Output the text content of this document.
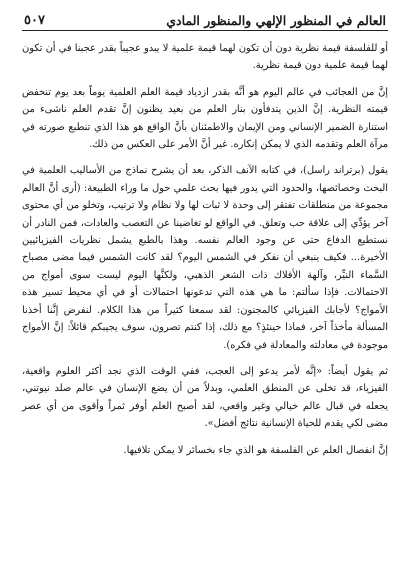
العالم في المنظور الإلهي والمنظور المادي
٥٠٧

أو للفلسفة قيمة نظرية دون أن تكون لهما قيمة علمية لا يبدو عجيباً بقدر عجبنا في أن تكون لهما قيمة علمية دون قيمة نظرية.

إنَّ من العجائب في عالم اليوم هو أنَّه بقدر ازدياد قيمة العلم العلمية يوماً بعد يوم تنخفض قيمته النظرية. إنَّ الذين يتدفأون بنار العلم من بعيد يظنون إنَّ تقدم العلم ناشىء من استنارة الضمير الإنساني ومن الإيمان والاطمئنان بأنَّ الواقع هو هذا الذي تنطبع صورته في مرآة العلم وتقدمه الذي لا يمكن إنكاره. غير أنَّ الأمر على العكس من ذلك.

يقول (برتراند راسل)، في كتابه الآنف الذكر، بعد أن يشرح نماذج من الأساليب العلمية في البحث وخصائصها، والحدود التي يدور فيها بحث علمي حول ما وراء الطبيعة: (أرى أنَّ العالم مجموعة من منطلقات تفتقر إلى وحدة لا ثبات لها ولا نظام ولا ترتيب، وتخلو من أي محتوى آخر يؤدِّي إلى علاقة حب وتعلق. في الواقع لو تغاضينا عن التعصب والعادات، فمن النادر أن نستطيع الدفاع حتى عن وجود العالم نفسه. وهذا بالطبع يشمل نظريات الفيزيائيين الأخيرة... فكيف ينبغي أن نفكر في الشمس اليوم؟ لقد كانت الشمس فيما مضى مصباح السَّماء النيِّر، وآلهة الأفلاك ذات الشعر الذهبي، ولكنَّها اليوم ليست سوى أمواج من الاحتمالات. فإذا سألتم: ما هي هذه التي تدعونها احتمالات أو في أي محيط تسير هذه الأمواج؟ لأجابك الفيزيائي كالمجنون: لقد سمعنا كثيراً من هذا الكلام. لنفرض إنَّنا أخذنا المسألة مأخذاً آخر، فماذا حينئذٍ؟ مع ذلك، إذا كنتم تصرون، سوف يجيبكم قائلاً: إنَّ الأمواج موجودة في معادلته والمعادلة في فكره).

ثم يقول أيضاً: «إنَّه لأمر يدعو إلى العجب، ففي الوقت الذي نجد أكثر العلوم واقعية، الفيزياء، قد تخلى عن المنطق العلمي، وبدلاً من أن يضع الإنسان في عالم صلد نيوتني، يجعله في قبال عالم خيالي وغير واقعي، لقد أصبح العلم أوفر ثمراً وأقوى من أي عصر مضى لكي يقدم للحياة الإنسانية نتائج أفضل».

إنَّ انفصال العلم عن الفلسفة هو الذي جاء بخسائر لا يمكن تلافيها.
